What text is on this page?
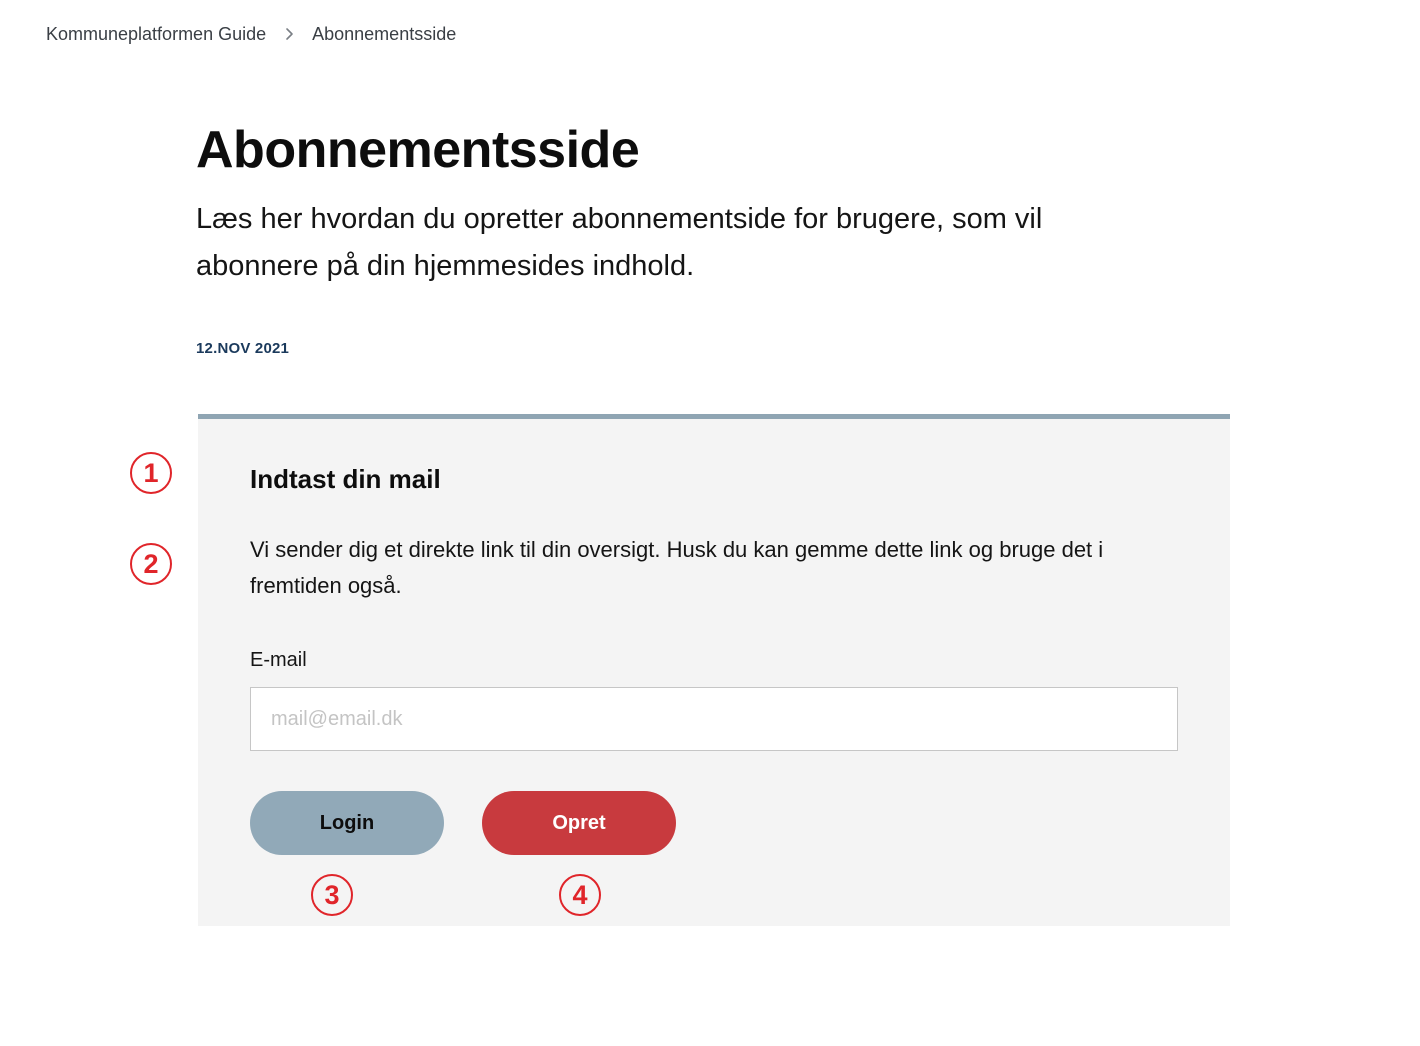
Kommuneplatformen Guide	Abonnementsside
Abonnementsside

Læs her hvordan du opretter abonnementside for brugere, som vil abonnere på din hjemmesides indhold.

12.NOV 2021
Indtast din mail

Vi sender dig et direkte link til din oversigt. Husk du kan gemme dette link og bruge det i fremtiden også.

E-mail
mail@email.dk
Login	Opret
1
2
3	4
